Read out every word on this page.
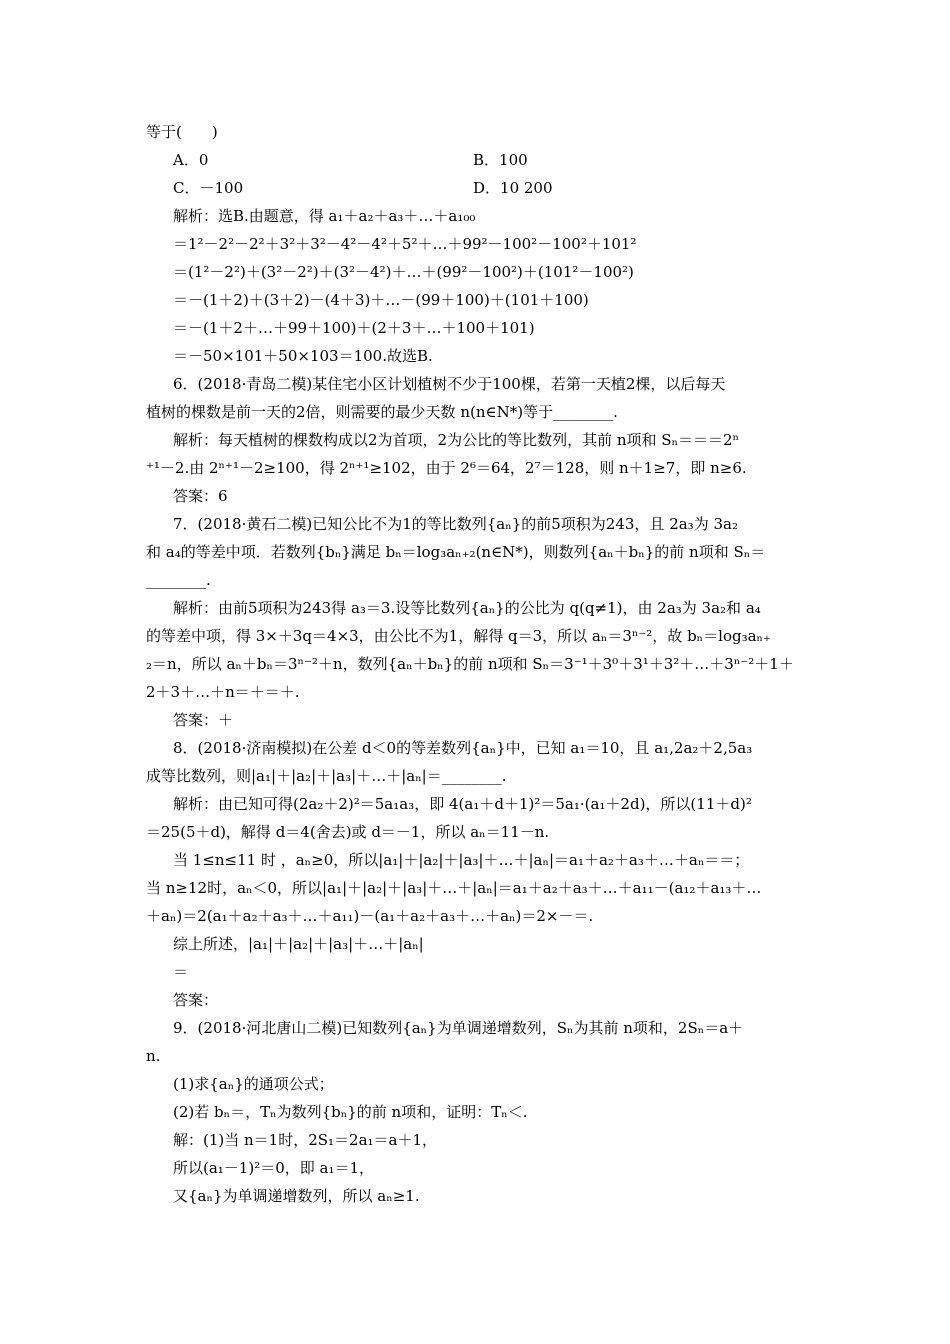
等于(　　)
A．0	B．100
C．－100	D．10 200
解析：选B.由题意，得 a₁＋a₂＋a₃＋…＋a₁₀₀
＝1²－2²－2²＋3²＋3²－4²－4²＋5²＋…＋99²－100²－100²＋101²
＝(1²－2²)＋(3²－2²)＋(3²－4²)＋…＋(99²－100²)＋(101²－100²)
＝－(1＋2)＋(3＋2)－(4＋3)＋…－(99＋100)＋(101＋100)
＝－(1＋2＋…＋99＋100)＋(2＋3＋…＋100＋101)
＝－50×101＋50×103＝100.故选B.
6．(2018·青岛二模)某住宅小区计划植树不少于100棵，若第一天植2棵，以后每天
植树的棵数是前一天的2倍，则需要的最少天数 n(n∈N*)等于________.
解析：每天植树的棵数构成以2为首项，2为公比的等比数列，其前 n项和 Sₙ＝＝＝2ⁿ
⁺¹－2.由 2ⁿ⁺¹－2≥100，得 2ⁿ⁺¹≥102，由于 2⁶＝64，2⁷＝128，则 n＋1≥7，即 n≥6.
答案：6
7．(2018·黄石二模)已知公比不为1的等比数列{aₙ}的前5项积为243，且 2a₃为 3a₂
和 a₄的等差中项．若数列{bₙ}满足 bₙ＝log₃aₙ₊₂(n∈N*)，则数列{aₙ＋bₙ}的前 n项和 Sₙ＝
________.
解析：由前5项积为243得 a₃＝3.设等比数列{aₙ}的公比为 q(q≠1)，由 2a₃为 3a₂和 a₄
的等差中项，得 3×＋3q＝4×3，由公比不为1，解得 q＝3，所以 aₙ＝3ⁿ⁻²，故 bₙ＝log₃aₙ₊
₂＝n，所以 aₙ＋bₙ＝3ⁿ⁻²＋n，数列{aₙ＋bₙ}的前 n项和 Sₙ＝3⁻¹＋3⁰＋3¹＋3²＋…＋3ⁿ⁻²＋1＋
2＋3＋…＋n＝＋＝＋.
答案：＋
8．(2018·济南模拟)在公差 d＜0的等差数列{aₙ}中，已知 a₁＝10，且 a₁,2a₂＋2,5a₃
成等比数列，则|a₁|＋|a₂|＋|a₃|＋…＋|aₙ|＝________.
解析：由已知可得(2a₂＋2)²＝5a₁a₃，即 4(a₁＋d＋1)²＝5a₁·(a₁＋2d)，所以(11＋d)²
＝25(5＋d)，解得 d＝4(舍去)或 d＝－1，所以 aₙ＝11－n.
当 1≤n≤11 时 ，aₙ≥0，所以|a₁|＋|a₂|＋|a₃|＋…＋|aₙ|＝a₁＋a₂＋a₃＋…＋aₙ＝＝；
当 n≥12时，aₙ＜0，所以|a₁|＋|a₂|＋|a₃|＋…＋|aₙ|＝a₁＋a₂＋a₃＋…＋a₁₁－(a₁₂＋a₁₃＋…
＋aₙ)＝2(a₁＋a₂＋a₃＋…＋a₁₁)－(a₁＋a₂＋a₃＋…＋aₙ)＝2×－＝.
综上所述，|a₁|＋|a₂|＋|a₃|＋…＋|aₙ|
＝
答案：
9．(2018·河北唐山二模)已知数列{aₙ}为单调递增数列，Sₙ为其前 n项和，2Sₙ＝a＋
n.
(1)求{aₙ}的通项公式；
(2)若 bₙ＝，Tₙ为数列{bₙ}的前 n项和，证明：Tₙ＜.
解：(1)当 n＝1时，2S₁＝2a₁＝a＋1，
所以(a₁－1)²＝0，即 a₁＝1，
又{aₙ}为单调递增数列，所以 aₙ≥1.
